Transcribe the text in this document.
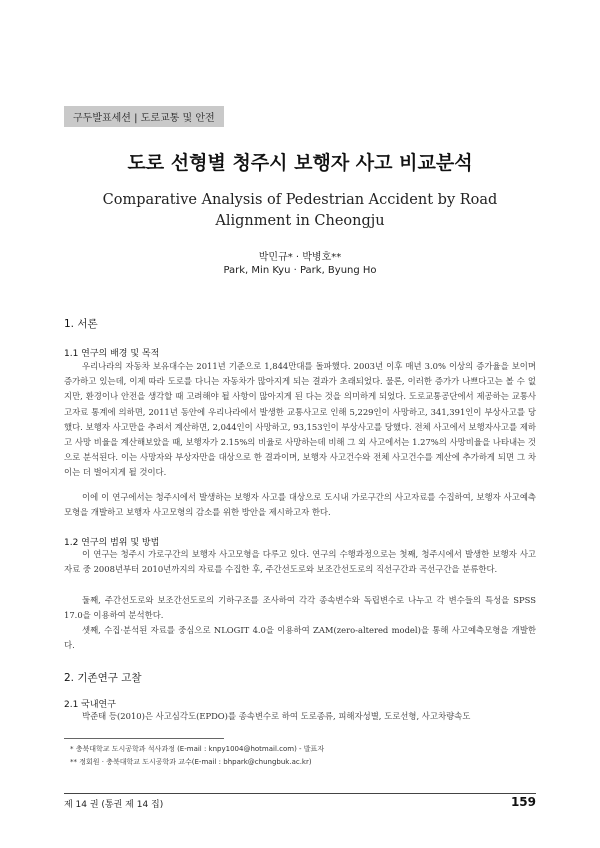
구두발표세션 | 도로교통 및 안전
도로 선형별 청주시 보행자 사고 비교분석
Comparative Analysis of Pedestrian Accident by Road Alignment in Cheongju
박민규* · 박병호**
Park, Min Kyu · Park, Byung Ho
1. 서론
1.1 연구의 배경 및 목적

우리나라의 자동차 보유대수는 2011년 기준으로 1,844만대를 돌파했다. 2003년 이후 매년 3.0% 이상의 증가율을 보이며 증가하고 있는데, 이제 따라 도로를 다니는 자동차가 많아지게 되는 결과가 초래되었다. 물론, 이러한 증가가 나쁘다고는 볼 수 없지만, 환경이나 안전을 생각할 때 고려해야 될 사항이 많아지게 된 다는 것을 의미하게 되었다. 도로교통공단에서 제공하는 교통사고자료 통계에 의하면, 2011년 동안에 우리나라에서 발생한 교통사고로 인해 5,229인이 사망하고, 341,391인이 부상사고를 당했다. 보행자 사고만을 추려서 계산하면, 2,044인이 사망하고, 93,153인이 부상사고를 당했다. 전체 사고에서 보행자사고를 제하고 사망 비율을 계산해보았을 때, 보행자가 2.15%의 비율로 사망하는데 비해 그 외 사고에서는 1.27%의 사망비율을 나타내는 것으로 분석된다. 이는 사망자와 부상자만을 대상으로 한 결과이며, 보행자 사고건수와 전체 사고건수를 계산에 추가하게 되면 그 차이는 더 벌어지게 될 것이다.

이에 이 연구에서는 청주시에서 발생하는 보행자 사고를 대상으로 도시내 가로구간의 사고자료를 수집하여, 보행자 사고예측 모형을 개발하고 보행자 사고모형의 감소를 위한 방안을 제시하고자 한다.

1.2 연구의 범위 및 방법

이 연구는 청주시 가로구간의 보행자 사고모형을 다루고 있다. 연구의 수행과정으로는 첫째, 청주시에서 발생한 보행자 사고자료 중 2008년부터 2010년까지의 자료를 수집한 후, 주간선도로와 보조간선도로의 직선구간과 곡선구간을 분류한다.

둘째, 주간선도로와 보조간선도로의 기하구조를 조사하여 각각 종속변수와 독립변수로 나누고 각 변수들의 특성을 SPSS 17.0을 이용하여 분석한다.

셋째, 수집·분석된 자료를 중심으로 NLOGIT 4.0을 이용하여 ZAM(zero-altered model)을 통해 사고예측모형을 개발한다.

2. 기존연구 고찰
2.1 국내연구

박준태 등(2010)은 사고심각도(EPDO)를 종속변수로 하여 도로종류, 피해자성별, 도로선형, 사고차량속도

* 충북대학교 도시공학과 석사과정 (E-mail : knpy1004@hotmail.com) - 발표자
** 정회원 · 충북대학교 도시공학과 교수(E-mail : bhpark@chungbuk.ac.kr)
제 14 권 (통권 제 14 집)	159
